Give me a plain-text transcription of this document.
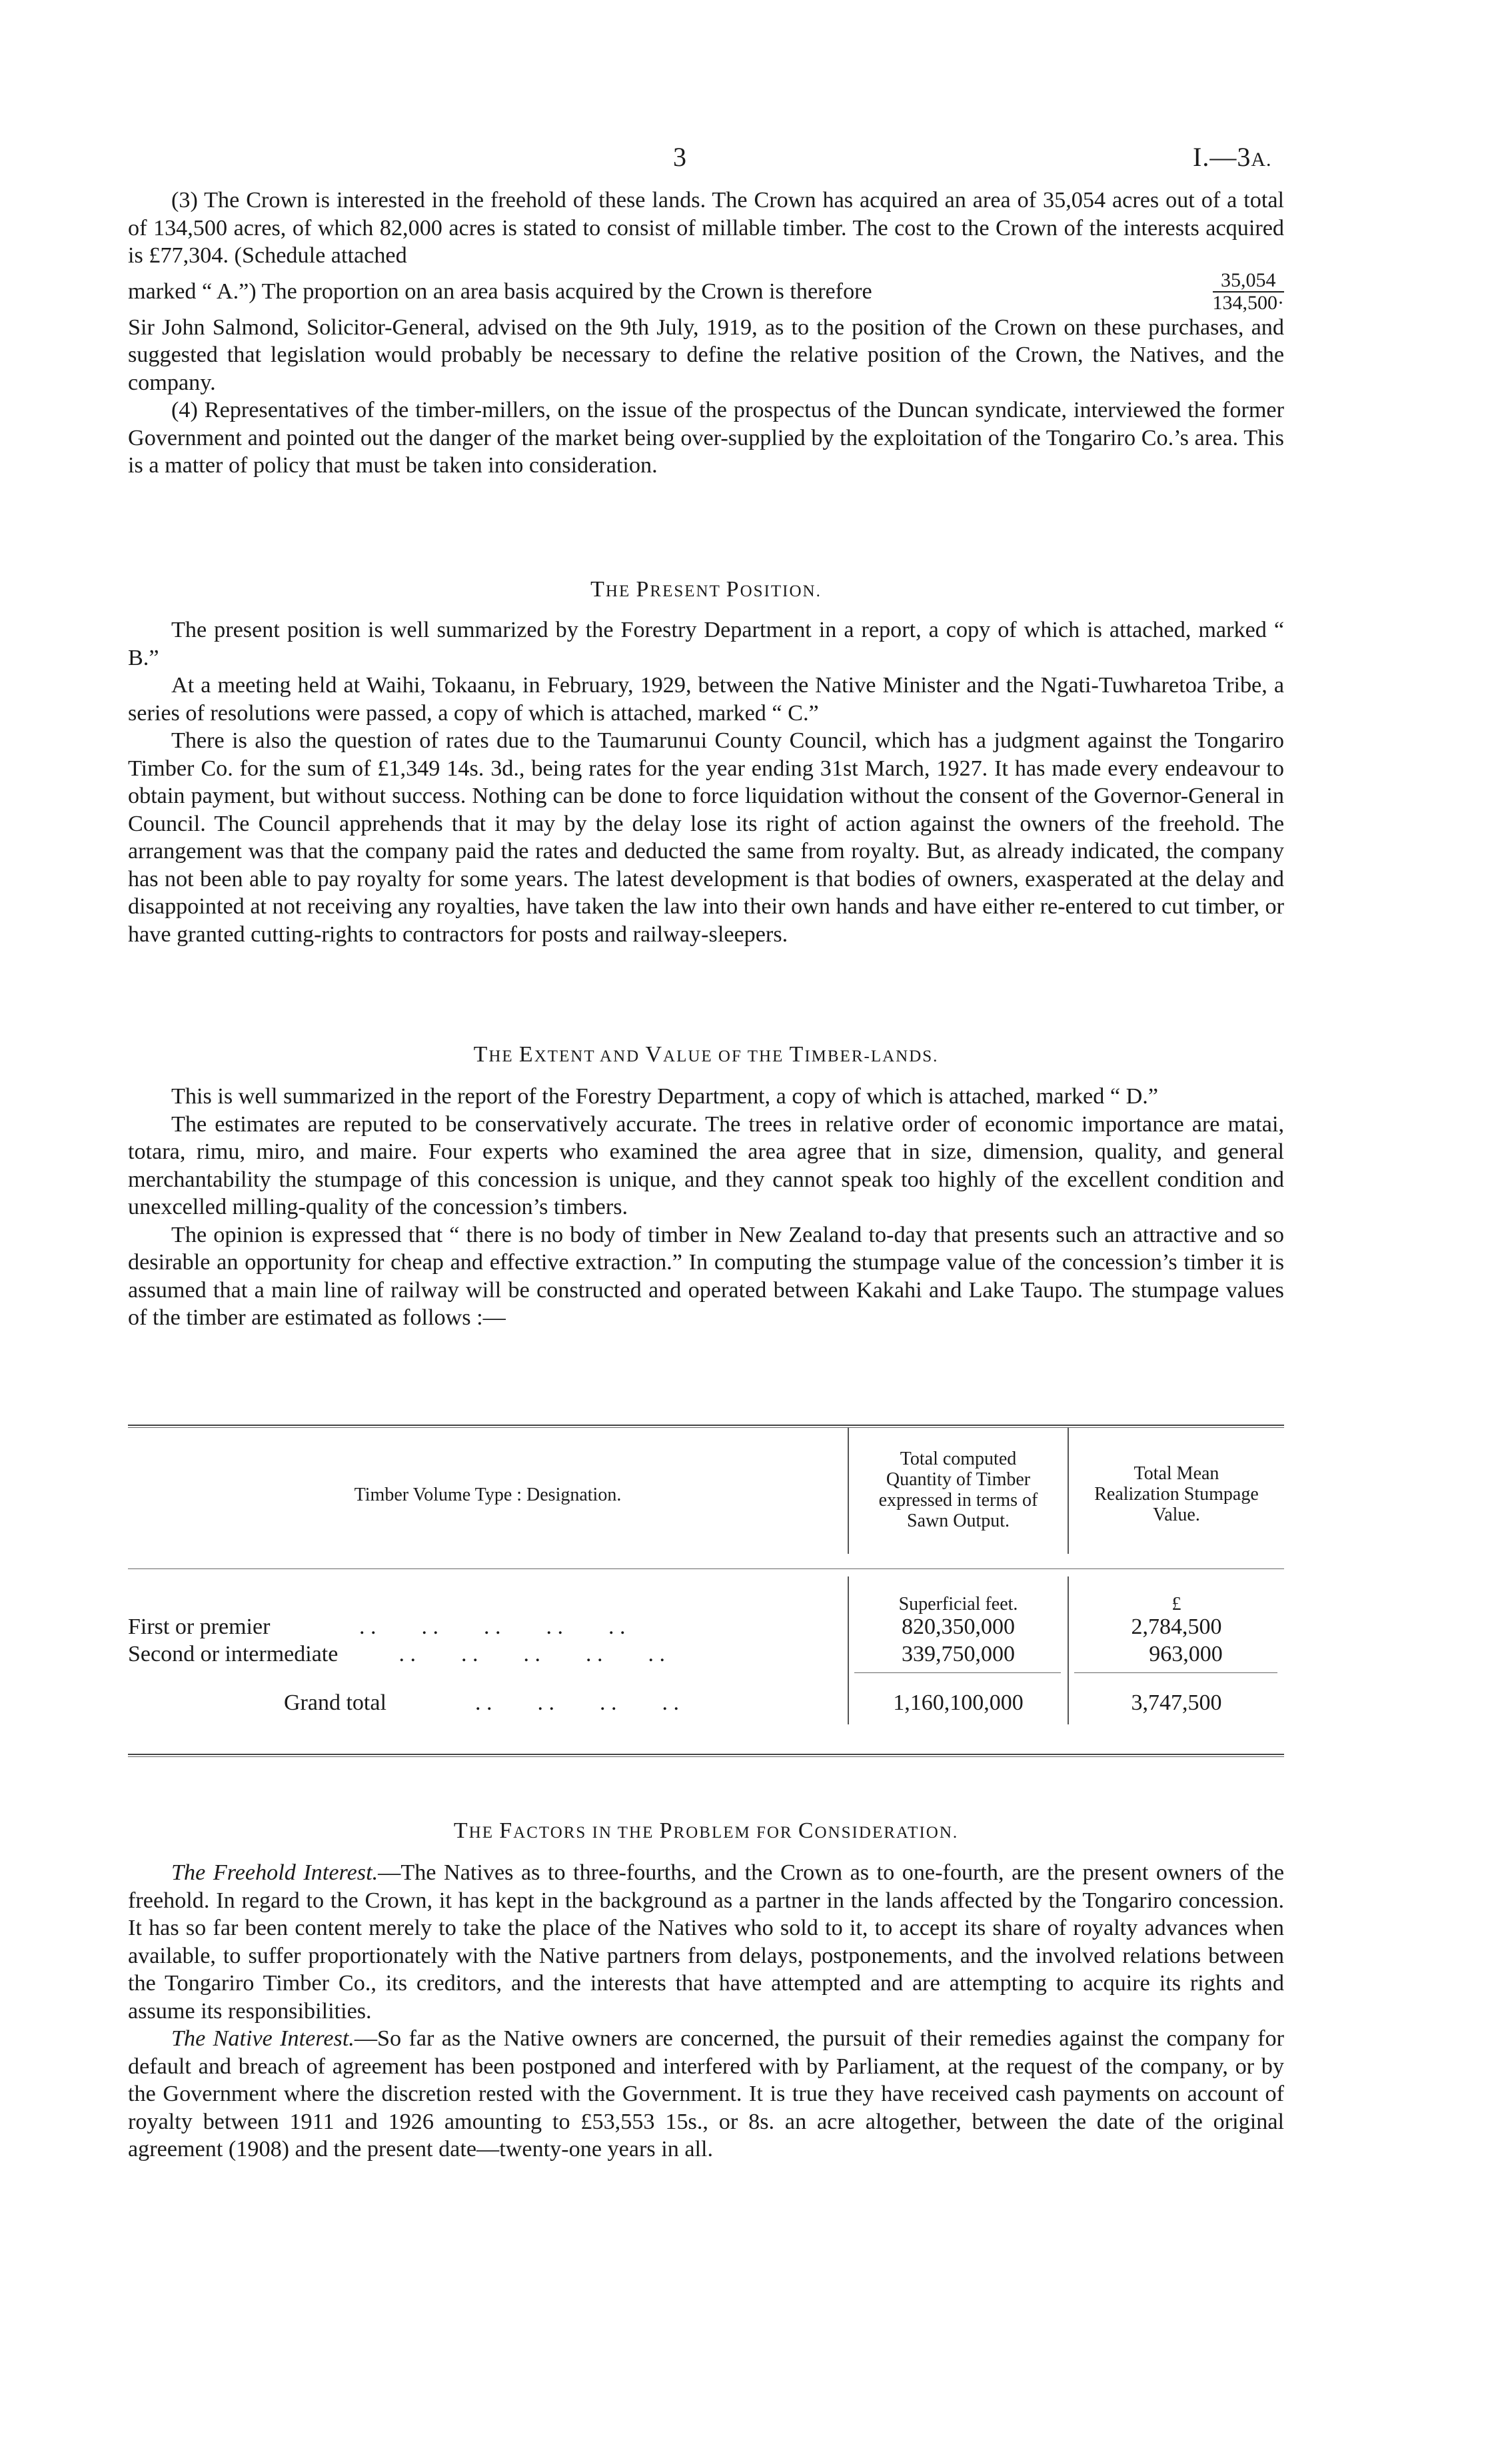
3	I.—3A.

(3) The Crown is interested in the freehold of these lands. The Crown has acquired an area of 35,054 acres out of a total of 134,500 acres, of which 82,000 acres is stated to consist of millable timber. The cost to the Crown of the interests acquired is £77,304. (Schedule attached

marked “ A.”) The proportion on an area basis acquired by the Crown is therefore	$\frac{35,054}{134,500\cdot}$

Sir John Salmond, Solicitor-General, advised on the 9th July, 1919, as to the position of the Crown on these purchases, and suggested that legislation would probably be necessary to define the relative position of the Crown, the Natives, and the company.

(4) Representatives of the timber-millers, on the issue of the prospectus of the Duncan syndicate, interviewed the former Government and pointed out the danger of the market being over-supplied by the exploitation of the Tongariro Co.’s area. This is a matter of policy that must be taken into consideration.

THE PRESENT POSITION.

The present position is well summarized by the Forestry Department in a report, a copy of which is attached, marked “ B.”

At a meeting held at Waihi, Tokaanu, in February, 1929, between the Native Minister and the Ngati-Tuwharetoa Tribe, a series of resolutions were passed, a copy of which is attached, marked “ C.”

There is also the question of rates due to the Taumarunui County Council, which has a judgment against the Tongariro Timber Co. for the sum of £1,349 14s. 3d., being rates for the year ending 31st March, 1927. It has made every endeavour to obtain payment, but without success. Nothing can be done to force liquidation without the consent of the Governor-General in Council. The Council apprehends that it may by the delay lose its right of action against the owners of the freehold. The arrangement was that the company paid the rates and deducted the same from royalty. But, as already indicated, the company has not been able to pay royalty for some years. The latest development is that bodies of owners, exasperated at the delay and disappointed at not receiving any royalties, have taken the law into their own hands and have either re-entered to cut timber, or have granted cutting-rights to contractors for posts and railway-sleepers.

THE EXTENT AND VALUE OF THE TIMBER-LANDS.

This is well summarized in the report of the Forestry Department, a copy of which is attached, marked “ D.”

The estimates are reputed to be conservatively accurate. The trees in relative order of economic importance are matai, totara, rimu, miro, and maire. Four experts who examined the area agree that in size, dimension, quality, and general merchantability the stumpage of this concession is unique, and they cannot speak too highly of the excellent condition and unexcelled milling-quality of the concession’s timbers.

The opinion is expressed that “ there is no body of timber in New Zealand to-day that presents such an attractive and so desirable an opportunity for cheap and effective extraction.” In computing the stumpage value of the concession’s timber it is assumed that a main line of railway will be constructed and operated between Kakahi and Lake Taupo. The stumpage values of the timber are estimated as follows :—

Timber Volume Type : Designation.
Total computed
Quantity of Timber
expressed in terms of
Sawn Output.
Total Mean
Realization Stumpage
Value.
Superficial feet.	£
First or premier	. .        . .        . .        . .        . .	820,350,000	2,784,500
Second or intermediate . .        . .        . .        . .        . .	339,750,000	963,000
Grand total . .        . .        . .        . .	1,160,100,000	3,747,500
THE FACTORS IN THE PROBLEM FOR CONSIDERATION.

The Freehold Interest.—The Natives as to three-fourths, and the Crown as to one-fourth, are the present owners of the freehold. In regard to the Crown, it has kept in the background as a partner in the lands affected by the Tongariro concession. It has so far been content merely to take the place of the Natives who sold to it, to accept its share of royalty advances when available, to suffer proportionately with the Native partners from delays, postponements, and the involved relations between the Tongariro Timber Co., its creditors, and the interests that have attempted and are attempting to acquire its rights and assume its responsibilities.

The Native Interest.—So far as the Native owners are concerned, the pursuit of their remedies against the company for default and breach of agreement has been postponed and interfered with by Parliament, at the request of the company, or by the Government where the discretion rested with the Government. It is true they have received cash payments on account of royalty between 1911 and 1926 amounting to £53,553 15s., or 8s. an acre altogether, between the date of the original agreement (1908) and the present date—twenty-one years in all.
